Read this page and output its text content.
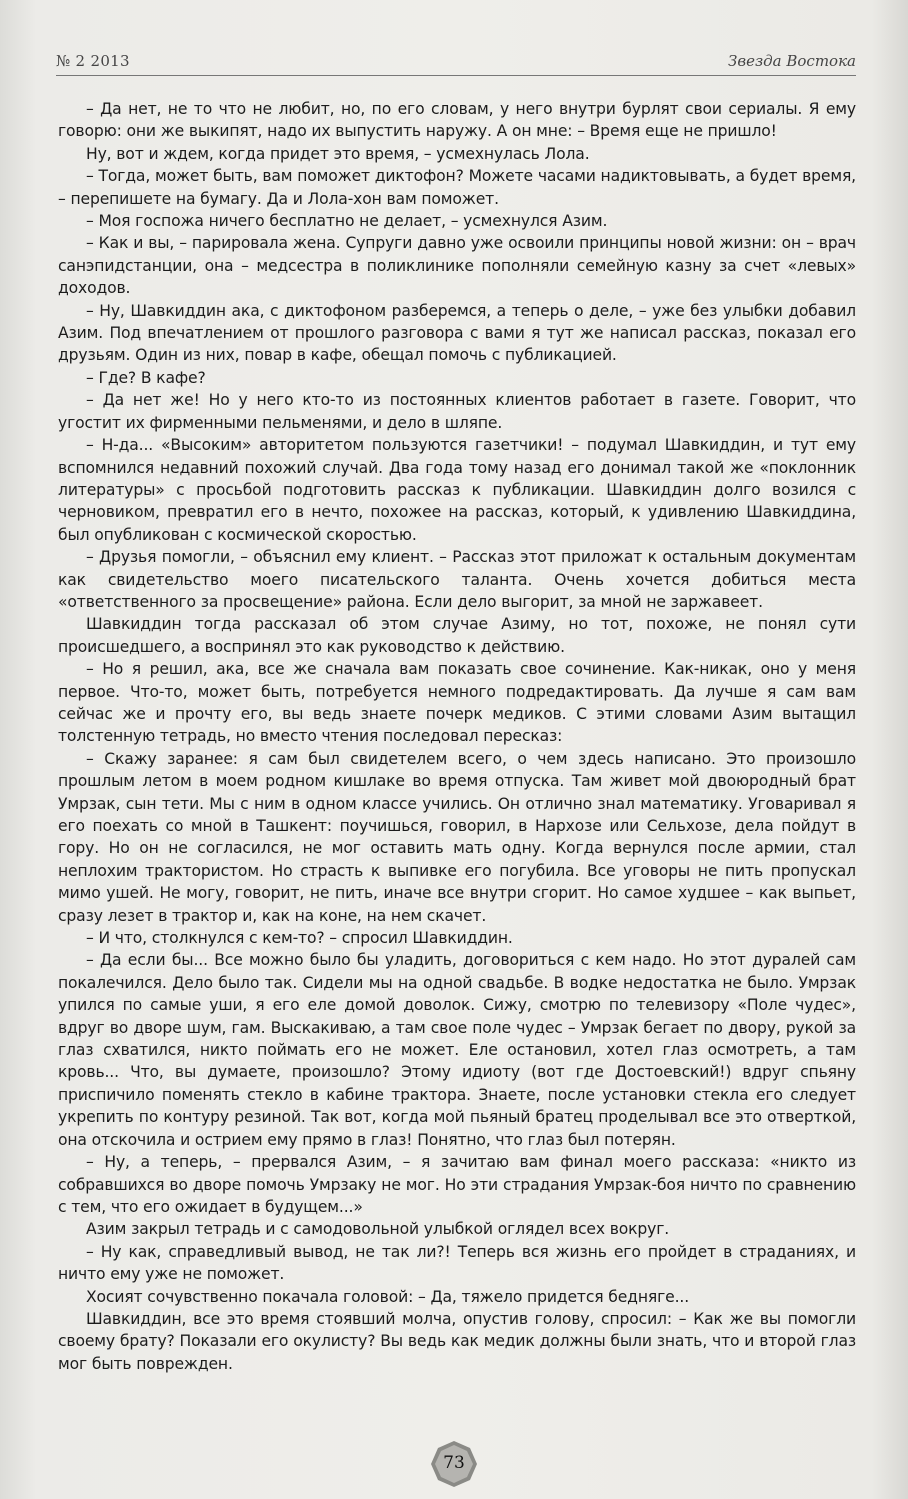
№ 2 2013	Звезда Востока

– Да нет, не то что не любит, но, по его словам, у него внутри бурлят свои сериалы. Я ему говорю: они же выкипят, надо их выпустить наружу. А он мне: – Время еще не пришло!

Ну, вот и ждем, когда придет это время, – усмехнулась Лола.

– Тогда, может быть, вам поможет диктофон? Можете часами надиктовывать, а будет время, – перепишете на бумагу. Да и Лола-хон вам поможет.

– Моя госпожа ничего бесплатно не делает, – усмехнулся Азим.

– Как и вы, – парировала жена. Супруги давно уже освоили принципы новой жизни: он – врач санэпидстанции, она – медсестра в поликлинике пополняли семейную казну за счет «левых» доходов.

– Ну, Шавкиддин ака, с диктофоном разберемся, а теперь о деле, – уже без улыбки добавил Азим. Под впечатлением от прошлого разговора с вами я тут же написал рассказ, показал его друзьям. Один из них, повар в кафе, обещал помочь с публикацией.

– Где? В кафе?

– Да нет же! Но у него кто-то из постоянных клиентов работает в газете. Говорит, что угостит их фирменными пельменями, и дело в шляпе.

– Н-да... «Высоким» авторитетом пользуются газетчики! – подумал Шавкиддин, и тут ему вспомнился недавний похожий случай. Два года тому назад его донимал такой же «поклонник литературы» с просьбой подготовить рассказ к публикации. Шавкиддин долго возился с черновиком, превратил его в нечто, похожее на рассказ, который, к удивлению Шавкиддина, был опубликован с космической скоростью.

– Друзья помогли, – объяснил ему клиент. – Рассказ этот приложат к остальным документам как свидетельство моего писательского таланта. Очень хочется добиться места «ответственного за просвещение» района. Если дело выгорит, за мной не заржавеет.

Шавкиддин тогда рассказал об этом случае Азиму, но тот, похоже, не понял сути происшедшего, а воспринял это как руководство к действию.

– Но я решил, ака, все же сначала вам показать свое сочинение. Как-никак, оно у меня первое. Что-то, может быть, потребуется немного подредактировать. Да лучше я сам вам сейчас же и прочту его, вы ведь знаете почерк медиков. С этими словами Азим вытащил толстенную тетрадь, но вместо чтения последовал пересказ:

– Скажу заранее: я сам был свидетелем всего, о чем здесь написано. Это произошло прошлым летом в моем родном кишлаке во время отпуска. Там живет мой двоюродный брат Умрзак, сын тети. Мы с ним в одном классе учились. Он отлично знал математику. Уговаривал я его поехать со мной в Ташкент: поучишься, говорил, в Нархозе или Сельхозе, дела пойдут в гору. Но он не согласился, не мог оставить мать одну. Когда вернулся после армии, стал неплохим трактористом. Но страсть к выпивке его погубила. Все уговоры не пить пропускал мимо ушей. Не могу, говорит, не пить, иначе все внутри сгорит. Но самое худшее – как выпьет, сразу лезет в трактор и, как на коне, на нем скачет.

– И что, столкнулся с кем-то? – спросил Шавкиддин.

– Да если бы... Все можно было бы уладить, договориться с кем надо. Но этот дуралей сам покалечился. Дело было так. Сидели мы на одной свадьбе. В водке недостатка не было. Умрзак упился по самые уши, я его еле домой доволок. Сижу, смотрю по телевизору «Поле чудес», вдруг во дворе шум, гам. Выскакиваю, а там свое поле чудес – Умрзак бегает по двору, рукой за глаз схватился, никто поймать его не может. Еле остановил, хотел глаз осмотреть, а там кровь... Что, вы думаете, произошло? Этому идиоту (вот где Достоевский!) вдруг спьяну приспичило поменять стекло в кабине трактора. Знаете, после установки стекла его следует укрепить по контуру резиной. Так вот, когда мой пьяный братец проделывал все это отверткой, она отскочила и острием ему прямо в глаз! Понятно, что глаз был потерян.

– Ну, а теперь, – прервался Азим, – я зачитаю вам финал моего рассказа: «никто из собравшихся во дворе помочь Умрзаку не мог. Но эти страдания Умрзак-боя ничто по сравнению с тем, что его ожидает в будущем...»

Азим закрыл тетрадь и с самодовольной улыбкой оглядел всех вокруг.

– Ну как, справедливый вывод, не так ли?! Теперь вся жизнь его пройдет в страданиях, и ничто ему уже не поможет.

Хосият сочувственно покачала головой: – Да, тяжело придется бедняге...

Шавкиддин, все это время стоявший молча, опустив голову, спросил: – Как же вы помогли своему брату? Показали его окулисту? Вы ведь как медик должны были знать, что и второй глаз мог быть поврежден.

73
